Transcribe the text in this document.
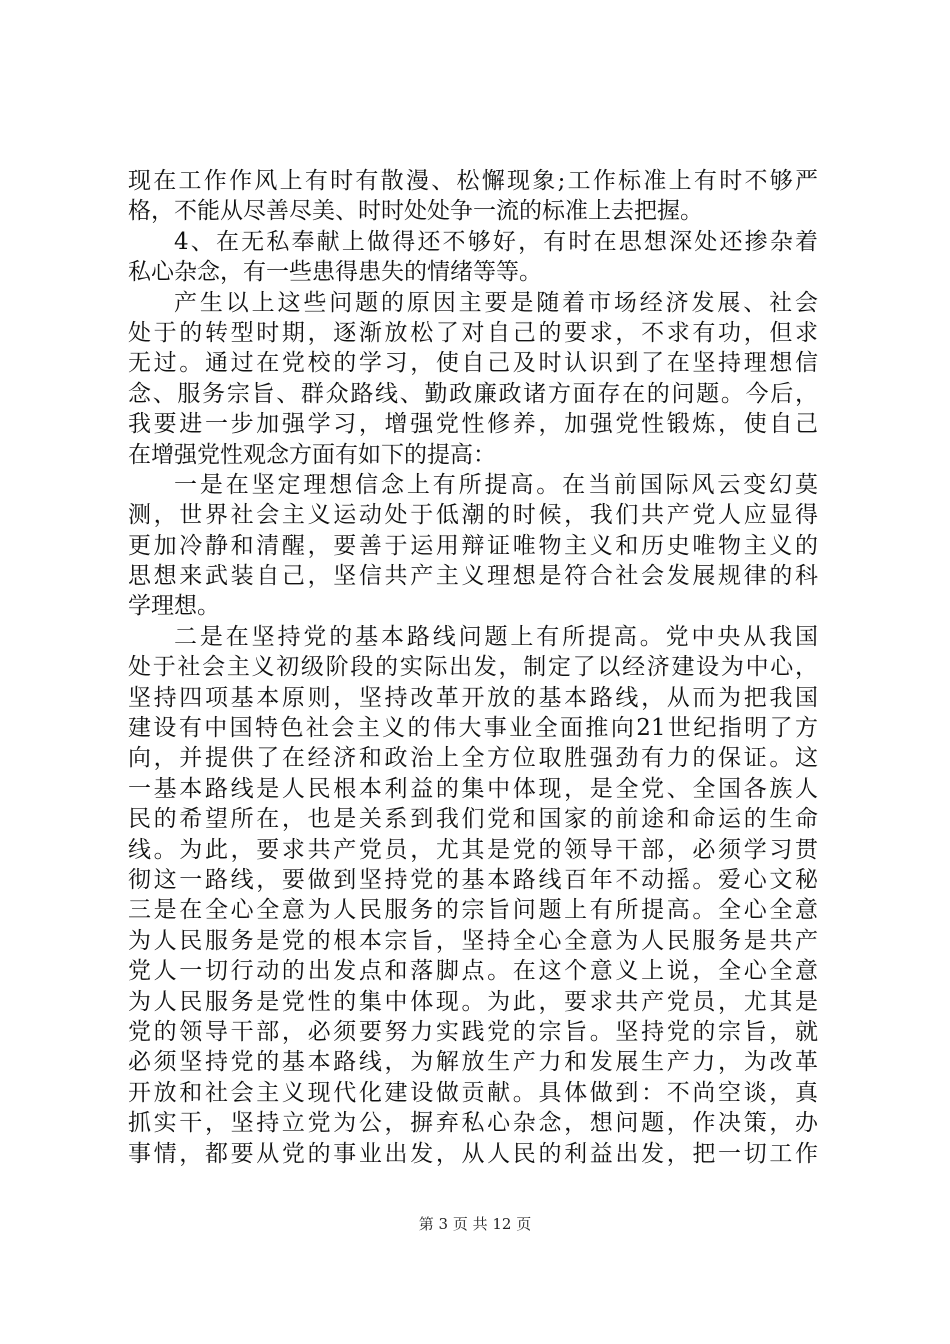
现在工作作风上有时有散漫、松懈现象;工作标准上有时不够严
格，不能从尽善尽美、时时处处争一流的标准上去把握。
4、在无私奉献上做得还不够好，有时在思想深处还掺杂着
私心杂念，有一些患得患失的情绪等等。
产生以上这些问题的原因主要是随着市场经济发展、社会
处于的转型时期，逐渐放松了对自己的要求，不求有功，但求
无过。通过在党校的学习，使自己及时认识到了在坚持理想信
念、服务宗旨、群众路线、勤政廉政诸方面存在的问题。今后，
我要进一步加强学习，增强党性修养，加强党性锻炼，使自己
在增强党性观念方面有如下的提高：
一是在坚定理想信念上有所提高。在当前国际风云变幻莫
测，世界社会主义运动处于低潮的时候，我们共产党人应显得
更加冷静和清醒，要善于运用辩证唯物主义和历史唯物主义的
思想来武装自己，坚信共产主义理想是符合社会发展规律的科
学理想。
二是在坚持党的基本路线问题上有所提高。党中央从我国
处于社会主义初级阶段的实际出发，制定了以经济建设为中心，
坚持四项基本原则，坚持改革开放的基本路线，从而为把我国
建设有中国特色社会主义的伟大事业全面推向21世纪指明了方
向，并提供了在经济和政治上全方位取胜强劲有力的保证。这
一基本路线是人民根本利益的集中体现，是全党、全国各族人
民的希望所在，也是关系到我们党和国家的前途和命运的生命
线。为此，要求共产党员，尤其是党的领导干部，必须学习贯
彻这一路线，要做到坚持党的基本路线百年不动摇。爱心文秘
三是在全心全意为人民服务的宗旨问题上有所提高。全心全意
为人民服务是党的根本宗旨，坚持全心全意为人民服务是共产
党人一切行动的出发点和落脚点。在这个意义上说，全心全意
为人民服务是党性的集中体现。为此，要求共产党员，尤其是
党的领导干部，必须要努力实践党的宗旨。坚持党的宗旨，就
必须坚持党的基本路线，为解放生产力和发展生产力，为改革
开放和社会主义现代化建设做贡献。具体做到：不尚空谈，真
抓实干，坚持立党为公，摒弃私心杂念，想问题，作决策，办
事情，都要从党的事业出发，从人民的利益出发，把一切工作
第 3 页 共 12 页
